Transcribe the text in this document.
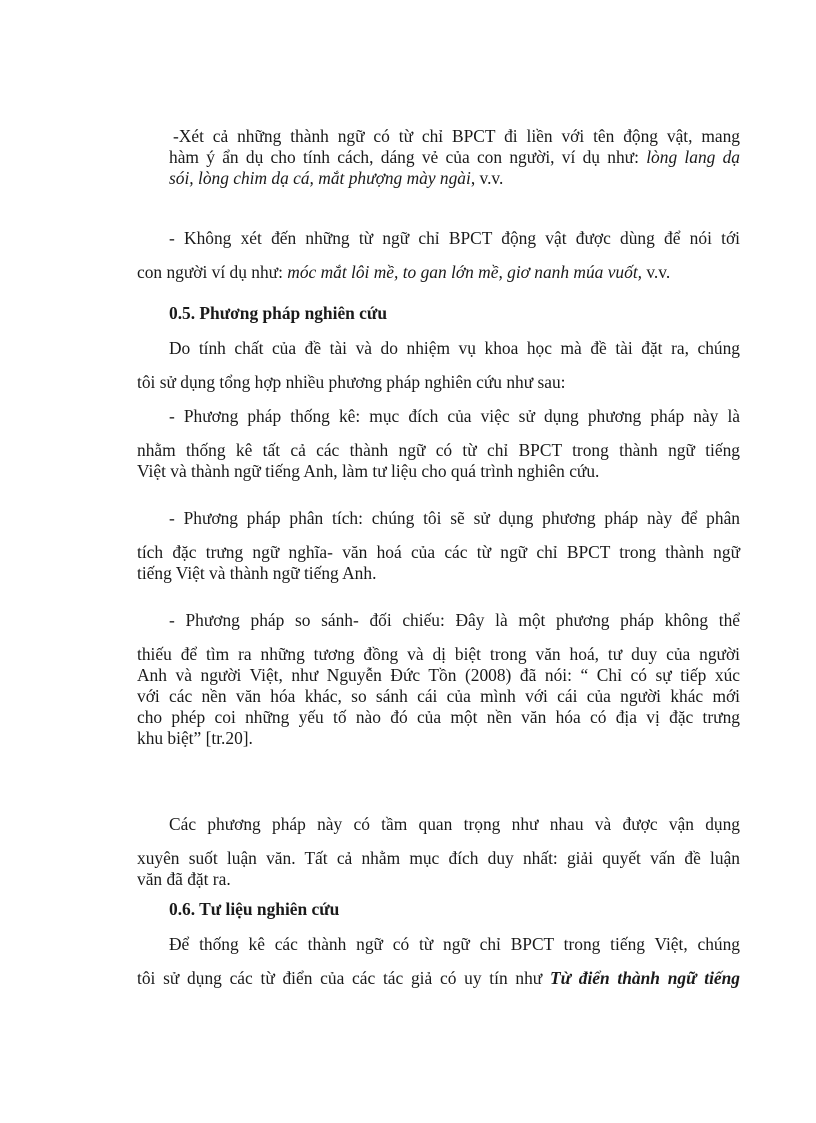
-Xét cả những thành ngữ có từ chỉ BPCT đi liền với tên động vật, mang
hàm ý ẩn dụ cho tính cách, dáng vẻ của con người, ví dụ như: lòng lang dạ
sói, lòng chim dạ cá, mắt phượng mày ngài, v.v.
- Không xét đến những từ ngữ chỉ BPCT động vật được dùng để nói tới
con người ví dụ như: móc mắt lôi mề, to gan lớn mề, giơ nanh múa vuốt, v.v.

0.5. Phương pháp nghiên cứu

Do tính chất của đề tài và do nhiệm vụ khoa học mà đề tài đặt ra, chúng
tôi sử dụng tổng hợp nhiều phương pháp nghiên cứu như sau:
- Phương pháp thống kê: mục đích của việc sử dụng phương pháp này là
nhằm thống kê tất cả các thành ngữ có từ chỉ BPCT trong thành ngữ tiếng
Việt và thành ngữ tiếng Anh, làm tư liệu cho quá trình nghiên cứu.
- Phương pháp phân tích: chúng tôi sẽ sử dụng phương pháp này để phân
tích đặc trưng ngữ nghĩa- văn hoá của các từ ngữ chỉ BPCT trong thành ngữ
tiếng Việt và thành ngữ tiếng Anh.
- Phương pháp so sánh- đối chiếu: Đây là một phương pháp không thể
thiếu để tìm ra những tương đồng và dị biệt trong văn hoá, tư duy của người
Anh và người Việt, như Nguyễn Đức Tồn (2008) đã nói: “ Chỉ có sự tiếp xúc
với các nền văn hóa khác, so sánh cái của mình với cái của người khác mới
cho phép coi những yếu tố nào đó của một nền văn hóa có địa vị đặc trưng
khu biệt” [tr.20].
Các phương pháp này có tầm quan trọng như nhau và được vận dụng
xuyên suốt luận văn. Tất cả nhằm mục đích duy nhất: giải quyết vấn đề luận
văn đã đặt ra.

0.6. Tư liệu nghiên cứu

Để thống kê các thành ngữ có từ ngữ chỉ BPCT trong tiếng Việt, chúng
tôi sử dụng các từ điển của các tác giả có uy tín như Từ điển thành ngữ tiếng
